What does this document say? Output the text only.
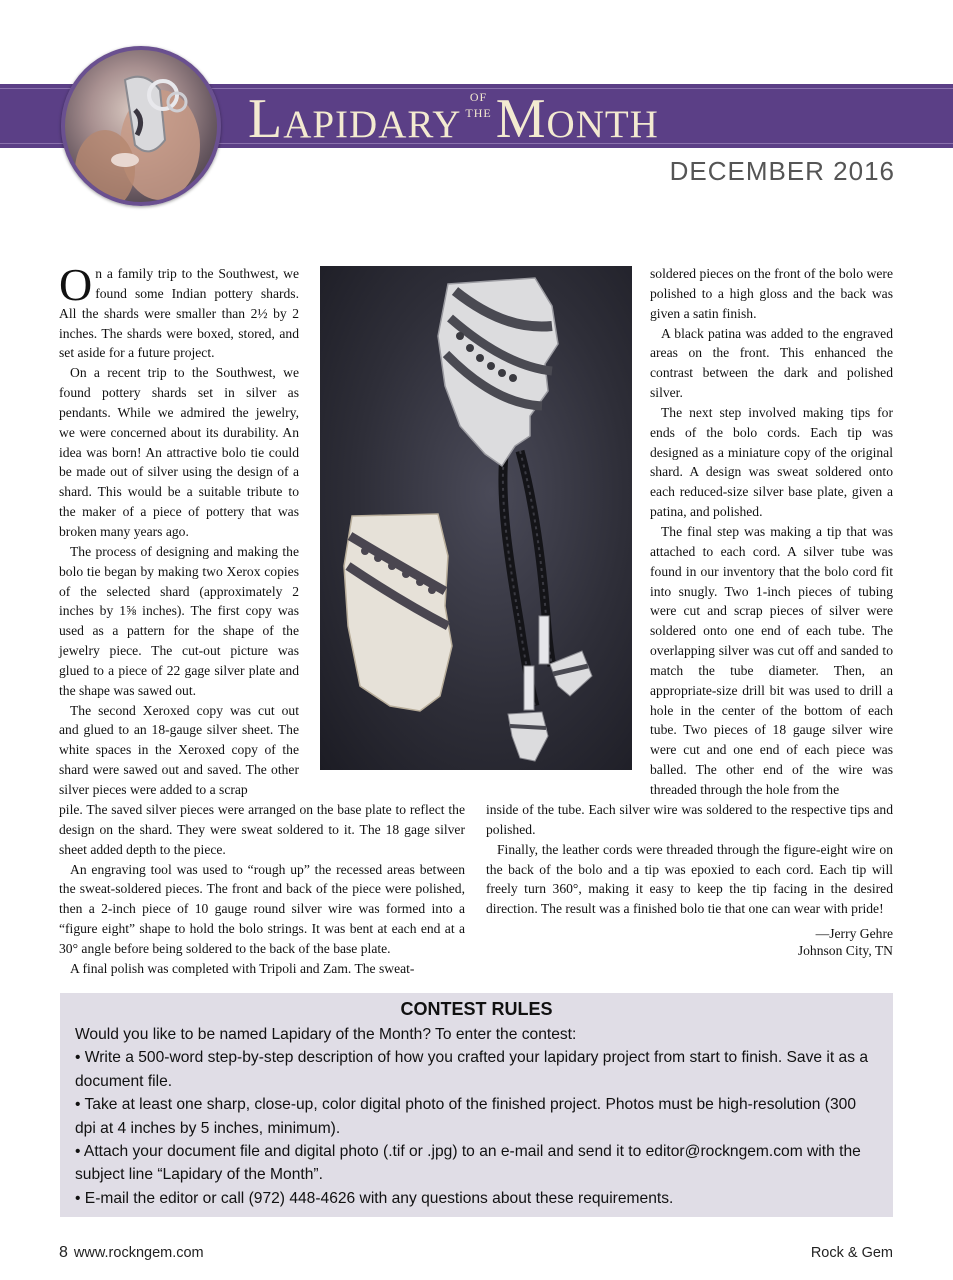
Lapidary of
theMonth
DECEMBER 2016

On a family trip to the Southwest, we found some Indian pottery shards. All the shards were smaller than 2½ by 2 inches. The shards were boxed, stored, and set aside for a future project.

On a recent trip to the Southwest, we found pottery shards set in silver as pendants. While we admired the jewelry, we were concerned about its durability. An idea was born! An attractive bolo tie could be made out of silver using the design of a shard. This would be a suitable tribute to the maker of a piece of pottery that was broken many years ago.

The process of designing and making the bolo tie began by making two Xerox copies of the selected shard (approximately 2 inches by 1⅝ inches). The first copy was used as a pattern for the shape of the jewelry piece. The cut-out picture was glued to a piece of 22 gage silver plate and the shape was sawed out.

The second Xeroxed copy was cut out and glued to an 18-gauge silver sheet. The white spaces in the Xeroxed copy of the shard were sawed out and saved. The other silver pieces were added to a scrap

soldered pieces on the front of the bolo were polished to a high gloss and the back was given a satin finish.

A black patina was added to the engraved areas on the front. This enhanced the contrast between the dark and polished silver.

The next step involved making tips for ends of the bolo cords. Each tip was designed as a miniature copy of the original shard. A design was sweat soldered onto each reduced-size silver base plate, given a patina, and polished.

The final step was making a tip that was attached to each cord. A silver tube was found in our inventory that the bolo cord fit into snugly. Two 1-inch pieces of tubing were cut and scrap pieces of silver were soldered onto one end of each tube. The overlapping silver was cut off and sanded to match the tube diameter. Then, an appropriate-size drill bit was used to drill a hole in the center of the bottom of each tube. Two pieces of 18 gauge silver wire were cut and one end of each piece was balled. The other end of the wire was threaded through the hole from the

pile. The saved silver pieces were arranged on the base plate to reflect the design on the shard. They were sweat soldered to it. The 18 gage silver sheet added depth to the piece.

An engraving tool was used to “rough up” the recessed areas between the sweat-soldered pieces. The front and back of the piece were polished, then a 2-inch piece of 10 gauge round silver wire was formed into a “figure eight” shape to hold the bolo strings. It was bent at each end at a 30° angle before being soldered to the back of the base plate.

A final polish was completed with Tripoli and Zam. The sweat-

inside of the tube. Each silver wire was soldered to the respective tips and polished.

Finally, the leather cords were threaded through the figure-eight wire on the back of the bolo and a tip was epoxied to each cord. Each tip will freely turn 360°, making it easy to keep the tip facing in the desired direction. The result was a finished bolo tie that one can wear with pride!

—Jerry Gehre
Johnson City, TN
CONTEST RULES
Would you like to be named Lapidary of the Month? To enter the contest:
• Write a 500-word step-by-step description of how you crafted your lapidary project from start to finish. Save it as a document file.
• Take at least one sharp, close-up, color digital photo of the finished project. Photos must be high-resolution (300 dpi at 4 inches by 5 inches, minimum).
• Attach your document file and digital photo (.tif or .jpg) to an e-mail and send it to editor@rockngem.com with the subject line “Lapidary of the Month”.
• E-mail the editor or call (972) 448-4626 with any questions about these requirements.
8 www.rockngem.com	Rock & Gem
